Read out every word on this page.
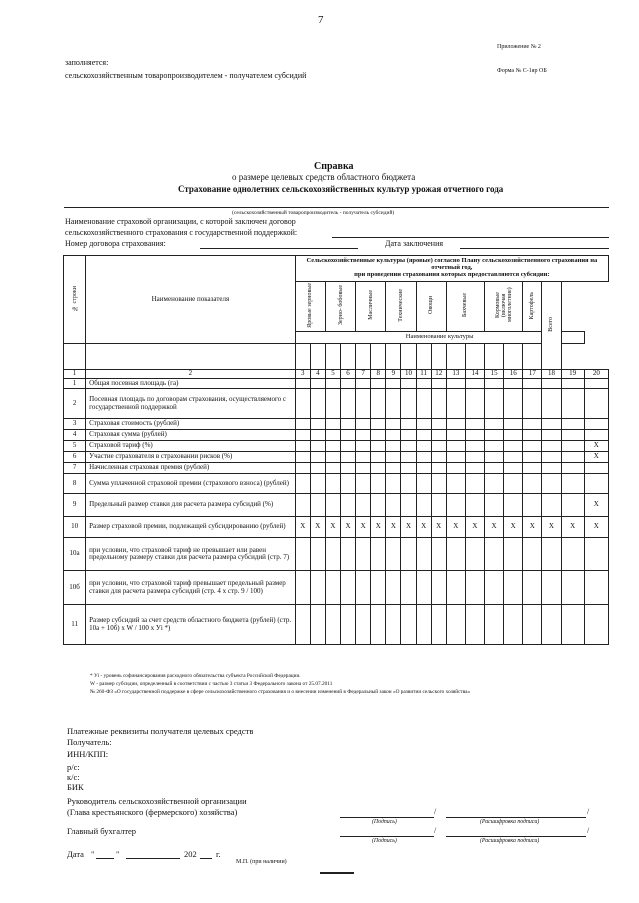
7
Приложение № 2
Форма № С-1яр ОБ
заполняется:
сельскохозяйственным товаропроизводителем - получателем субсидий
Справка
о размере целевых средств областного бюджета
Страхование однолетних сельскохозяйственных культур урожая отчетного года
(сельскохозяйственный товаропроизводитель - получатель субсидий)
Наименование страховой организации, с которой заключен договор
сельскохозяйственного страхования с государственной поддержкой:
Номер договора страхования:	Дата заключения
№ строки	Наименование показателя	Сельскохозяйственные культуры (яровые) согласно Плану сельскохозяйственного страхования на отчетный год,
при проведении страхования которых предоставляются субсидии:																	

		Яровые зерновые		Зерно- бобовые		Масличные		Технические		Овощи		Бахчевые		Кормовые (включая многолетние)		Картофель	Всего		
		Наименование культуры																	

1	2	3	4	5	6	7	8	9	10	11	12	13	14	15	16	17	18	19	20
1	Общая посевная площадь (га)																		
2	Посевная площадь по договорам страхования, осуществляемого с государственной поддержкой																		
3	Страховая стоимость (рублей)																		
4	Страховая сумма (рублей)																		
5	Страховой тариф (%)																		X
6	Участие страхователя в страховании рисков (%)																		X
7	Начисленная страховая премия (рублей)																		
8	Сумма уплаченной страховой премии (страхового взноса) (рублей)																		
9	Предельный размер ставки для расчета размера субсидий (%)																		X
10	Размер страховой премии, подлежащей субсидированию (рублей)	X	X	X	X	X	X	X	X	X	X	X	X	X	X	X	X	X	X
10а	при условии, что страховой тариф не превышает или равен предельному размеру ставки для расчета размера субсидий (стр. 7)																		
10б	при условии, что страховой тариф превышает предельный размер ставки для расчета размера субсидий (стр. 4 х стр. 9 / 100)																		
11	Размер субсидий за счет средств областного бюджета (рублей) (стр. 10а + 10б) x W / 100 x Уi *)																		
* Уi - уровень софинансирования расходного обязательства субъекта Российской Федерации.
W - размер субсидии, определенный в соответствии с частью 3 статьи 3 Федерального закона от 25.07.2011
№ 260-ФЗ «О государственной поддержке в сфере сельскохозяйственного страхования и о внесении изменений в Федеральный закон «О развитии сельского хозяйства»
Платежные реквизиты получателя целевых средств
Получатель:
ИНН/КПП:
р/с:
к/с:
БИК
Руководитель сельскохозяйственной организации
(Глава крестьянского (фермерского) хозяйства)	/	/
(Подпись)	(Расшифровка подписи)
Главный бухгалтер	/	/
(Подпись)	(Расшифровка подписи)
Дата "	"	202 г.
М.П. (при наличии)
